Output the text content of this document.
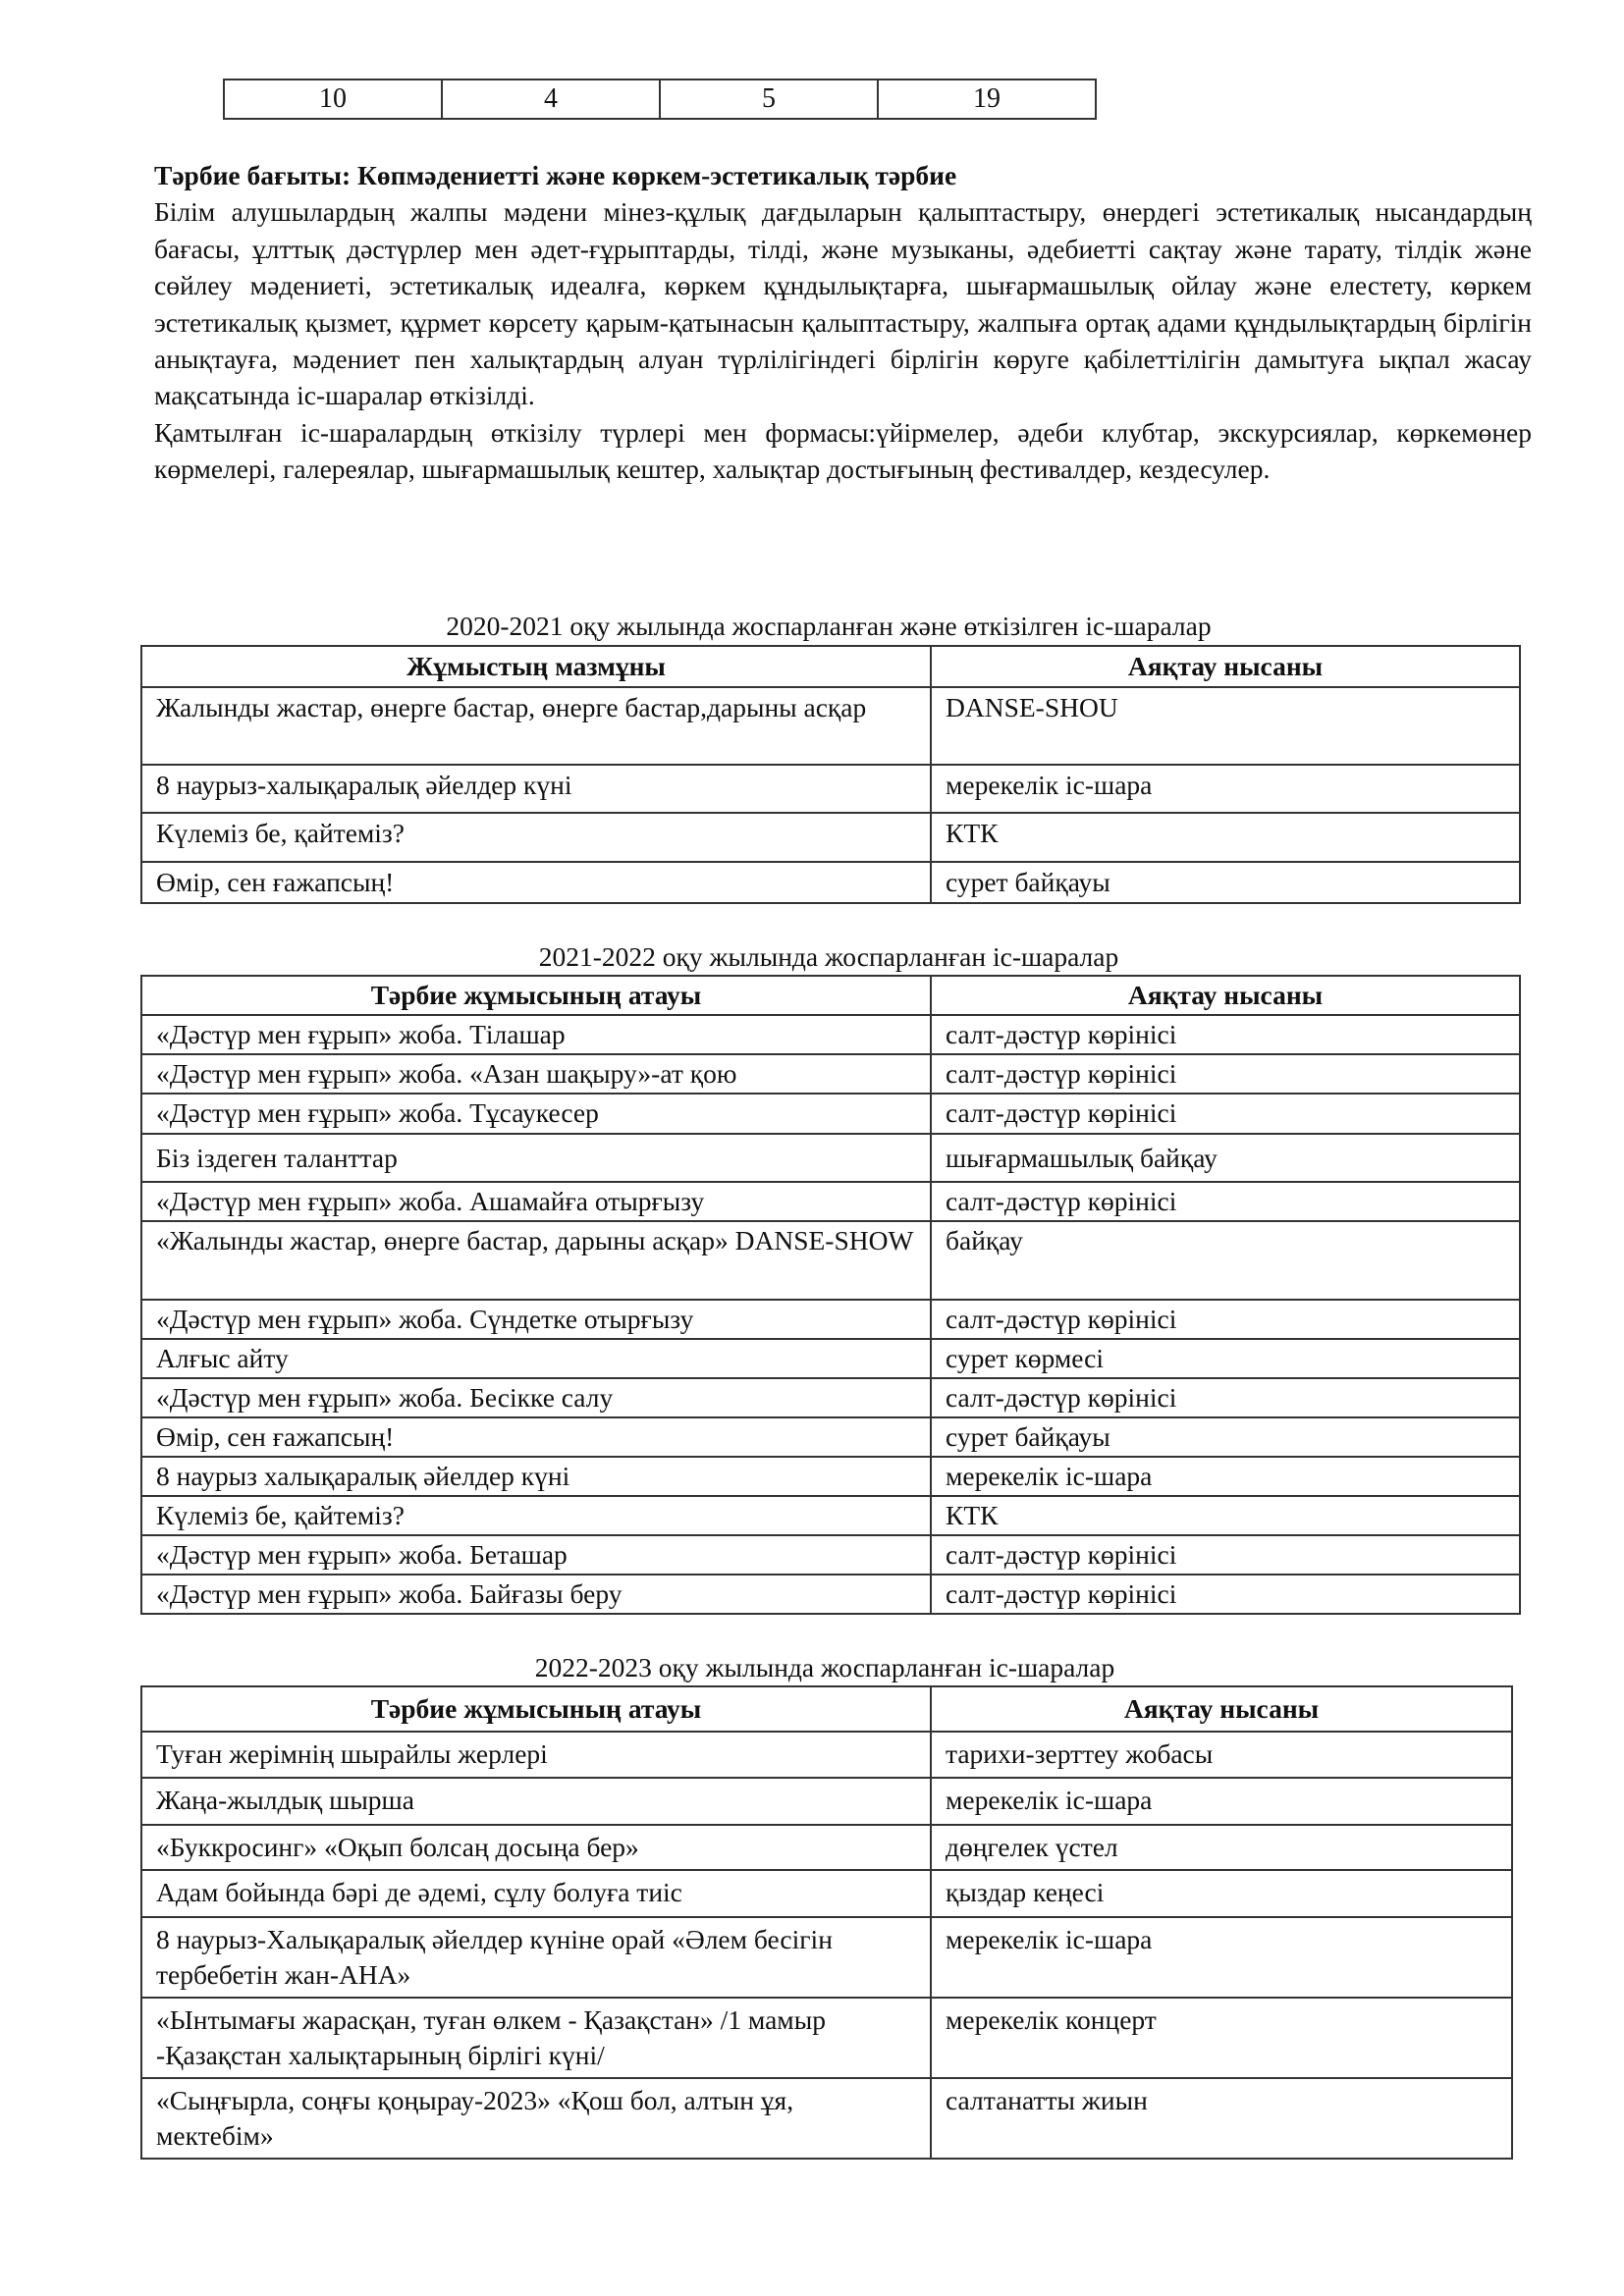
10	4	5	19

Тәрбие бағыты: Көпмәдениетті және көркем-эстетикалық тәрбие

Білім алушылардың жалпы мәдени мінез-құлық дағдыларын қалыптастыру, өнердегі эстетикалық нысандардың бағасы, ұлттық дәстүрлер мен әдет-ғұрыптарды, тілді, және музыканы, әдебиетті сақтау және тарату, тілдік және сөйлеу мәдениеті, эстетикалық идеалға, көркем құндылықтарға, шығармашылық ойлау және елестету, көркем эстетикалық қызмет, құрмет көрсету қарым-қатынасын қалыптастыру, жалпыға ортақ адами құндылықтардың бірлігін анықтауға, мәдениет пен халықтардың алуан түрлілігіндегі бірлігін көруге қабілеттілігін дамытуға ықпал жасау мақсатында іс-шаралар өткізілді.

Қамтылған іс-шаралардың өткізілу түрлері мен формасы:үйірмелер, әдеби клубтар, экскурсиялар, көркемөнер көрмелері, галереялар, шығармашылық кештер, халықтар достығының фестивалдер, кездесулер.

2020-2021 оқу жылында жоспарланған және өткізілген іс-шаралар
Жұмыстың мазмұны	Аяқтау нысаны
Жалынды жастар, өнерге бастар, өнерге бастар,дарыны асқар	DANSE-SHOU
8 наурыз-халықаралық әйелдер күні	мерекелік іс-шара
Күлеміз бе, қайтеміз?	КТК
Өмір, сен ғажапсың!	сурет байқауы
2021-2022 оқу жылында жоспарланған іс-шаралар
Тәрбие жұмысының атауы	Аяқтау нысаны
«Дәстүр мен ғұрып» жоба. Тілашар	салт-дәстүр көрінісі
«Дәстүр мен ғұрып» жоба. «Азан шақыру»-ат қою	салт-дәстүр көрінісі
«Дәстүр мен ғұрып» жоба. Тұсаукесер	салт-дәстүр көрінісі
Біз іздеген таланттар	шығармашылық байқау
«Дәстүр мен ғұрып» жоба. Ашамайға отырғызу	салт-дәстүр көрінісі
«Жалынды жастар, өнерге бастар, дарыны асқар» DANSE-SHOW	байқау
«Дәстүр мен ғұрып» жоба. Сүндетке отырғызу	салт-дәстүр көрінісі
Алғыс айту	сурет көрмесі
«Дәстүр мен ғұрып» жоба. Бесікке салу	салт-дәстүр көрінісі
Өмір, сен ғажапсың!	сурет байқауы
8 наурыз халықаралық әйелдер күні	мерекелік іс-шара
Күлеміз бе, қайтеміз?	КТК
«Дәстүр мен ғұрып» жоба. Беташар	салт-дәстүр көрінісі
«Дәстүр мен ғұрып» жоба. Байғазы беру	салт-дәстүр көрінісі
2022-2023 оқу жылында жоспарланған іс-шаралар
Тәрбие жұмысының атауы	Аяқтау нысаны
Туған жерімнің шырайлы жерлері	тарихи-зерттеу жобасы
Жаңа-жылдық шырша	мерекелік іс-шара
«Буккросинг» «Оқып болсаң досыңа бер»	дөңгелек үстел
Адам бойында бәрі де әдемі, сұлу болуға тиіс	қыздар кеңесі
8 наурыз-Халықаралық әйелдер күніне орай «Әлем бесігін тербебетін жан-АНА»	мерекелік іс-шара
«Ынтымағы жарасқан, туған өлкем - Қазақстан» /1 мамыр -Қазақстан халықтарының бірлігі күні/	мерекелік концерт
«Сыңғырла, соңғы қоңырау-2023» «Қош бол, алтын ұя, мектебім»	салтанатты жиын
